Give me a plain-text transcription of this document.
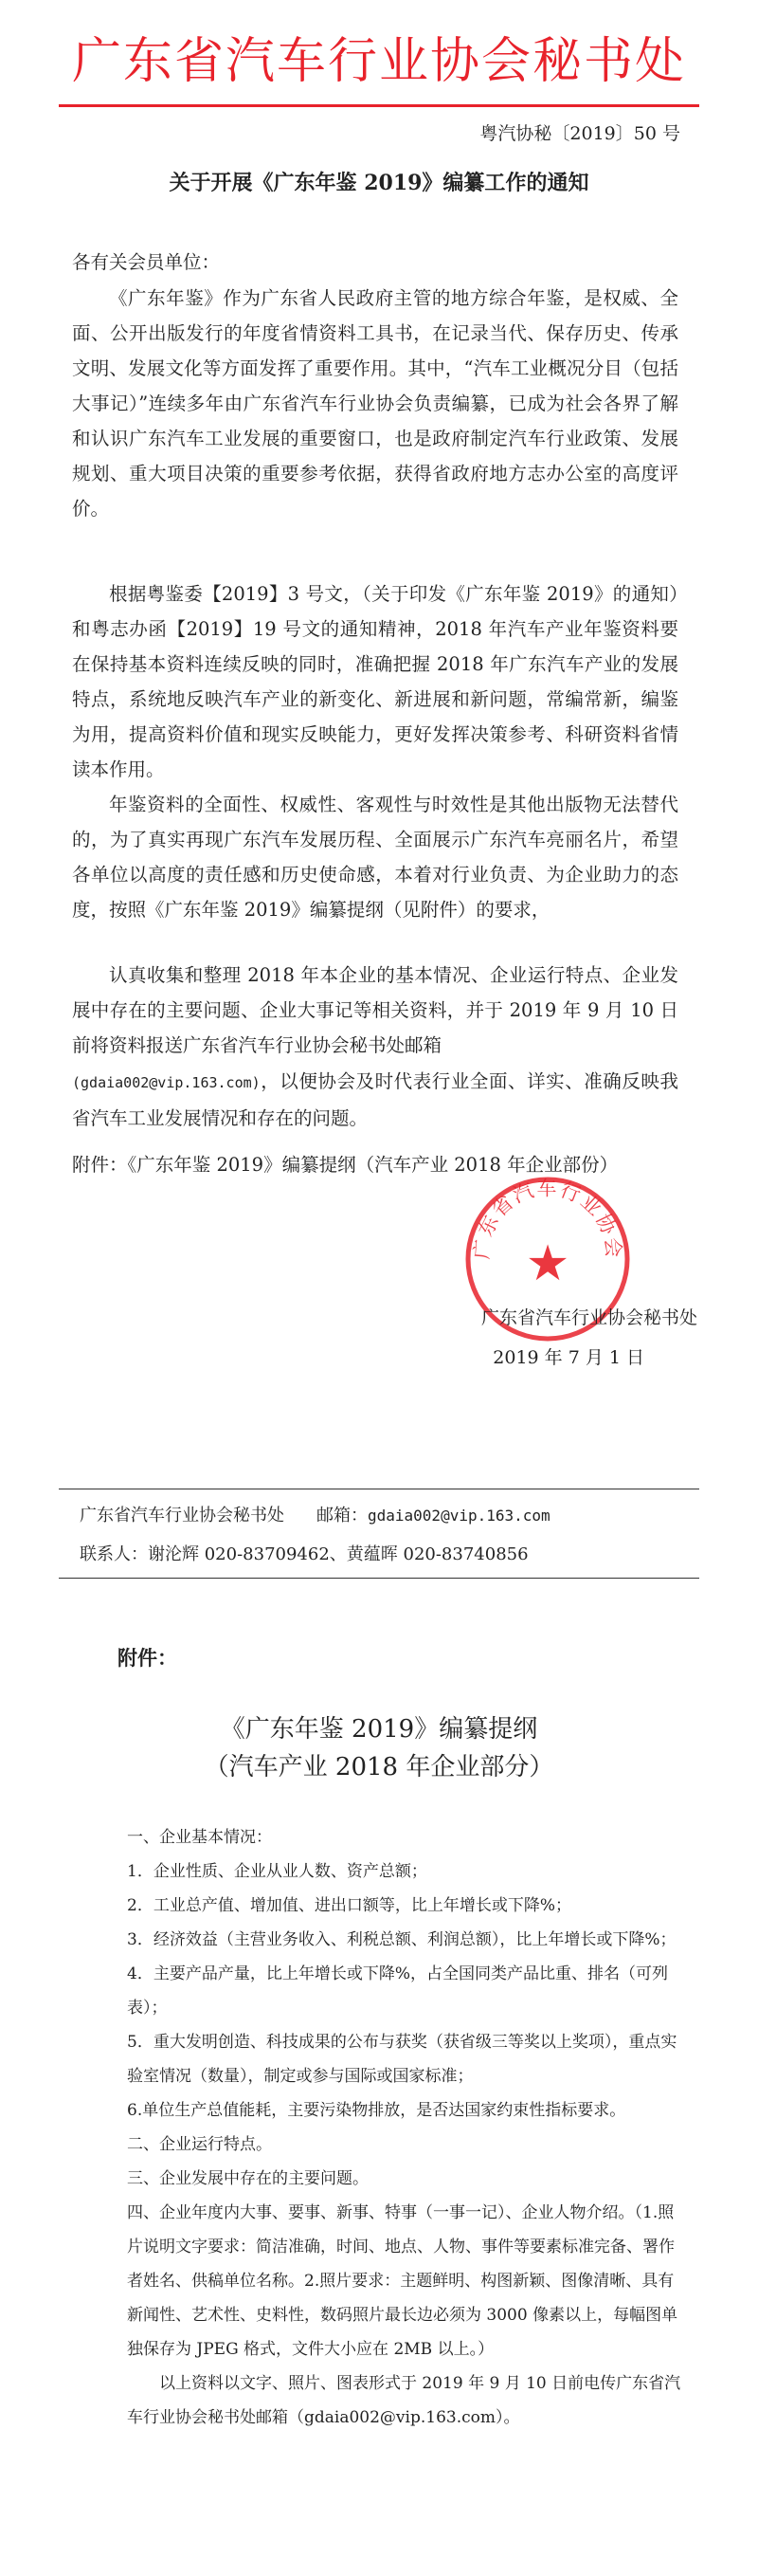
广东省汽车行业协会秘书处
粤汽协秘〔2019〕50 号
关于开展《广东年鉴 2019》编纂工作的通知
各有关会员单位：
《广东年鉴》作为广东省人民政府主管的地方综合年鉴，是权威、全面、公开出版发行的年度省情资料工具书，在记录当代、保存历史、传承文明、发展文化等方面发挥了重要作用。其中，“汽车工业概况分目（包括大事记）”连续多年由广东省汽车行业协会负责编纂，已成为社会各界了解和认识广东汽车工业发展的重要窗口，也是政府制定汽车行业政策、发展规划、重大项目决策的重要参考依据，获得省政府地方志办公室的高度评价。
根据粤鉴委【2019】3 号文，（关于印发《广东年鉴 2019》的通知）和粤志办函【2019】19 号文的通知精神，2018 年汽车产业年鉴资料要在保持基本资料连续反映的同时，准确把握 2018 年广东汽车产业的发展特点，系统地反映汽车产业的新变化、新进展和新问题，常编常新，编鉴为用，提高资料价值和现实反映能力，更好发挥决策参考、科研资料省情读本作用。
年鉴资料的全面性、权威性、客观性与时效性是其他出版物无法替代的，为了真实再现广东汽车发展历程、全面展示广东汽车亮丽名片，希望各单位以高度的责任感和历史使命感，本着对行业负责、为企业助力的态度，按照《广东年鉴 2019》编纂提纲（见附件）的要求，
认真收集和整理 2018 年本企业的基本情况、企业运行特点、企业发展中存在的主要问题、企业大事记等相关资料，并于 2019 年 9 月 10 日前将资料报送广东省汽车行业协会秘书处邮箱
(gdaia002@vip.163.com)，以便协会及时代表行业全面、详实、准确反映我省汽车工业发展情况和存在的问题。
附件：《广东年鉴 2019》编纂提纲（汽车产业 2018 年企业部份）
广东省汽车行业协会
★
广东省汽车行业协会秘书处
2019 年 7 月 1 日
广东省汽车行业协会秘书处 邮箱：gdaia002@vip.163.com
联系人：谢沦辉 020-83709462、黄蕴晖 020-83740856
附件：
《广东年鉴 2019》编纂提纲
（汽车产业 2018 年企业部分）

一、企业基本情况：

1．企业性质、企业从业人数、资产总额；

2．工业总产值、增加值、进出口额等，比上年增长或下降%；

3．经济效益（主营业务收入、利税总额、利润总额），比上年增长或下降%；

4．主要产品产量，比上年增长或下降%，占全国同类产品比重、排名（可列表）；

5．重大发明创造、科技成果的公布与获奖（获省级三等奖以上奖项），重点实验室情况（数量），制定或参与国际或国家标准；

6.单位生产总值能耗，主要污染物排放，是否达国家约束性指标要求。

二、企业运行特点。

三、企业发展中存在的主要问题。

四、企业年度内大事、要事、新事、特事（一事一记）、企业人物介绍。（1.照片说明文字要求：简洁准确，时间、地点、人物、事件等要素标准完备、署作者姓名、供稿单位名称。2.照片要求：主题鲜明、构图新颖、图像清晰、具有新闻性、艺术性、史料性，数码照片最长边必须为 3000 像素以上，每幅图单独保存为 JPEG 格式，文件大小应在 2MB 以上。）

以上资料以文字、照片、图表形式于 2019 年 9 月 10 日前电传广东省汽车行业协会秘书处邮箱（gdaia002@vip.163.com）。
